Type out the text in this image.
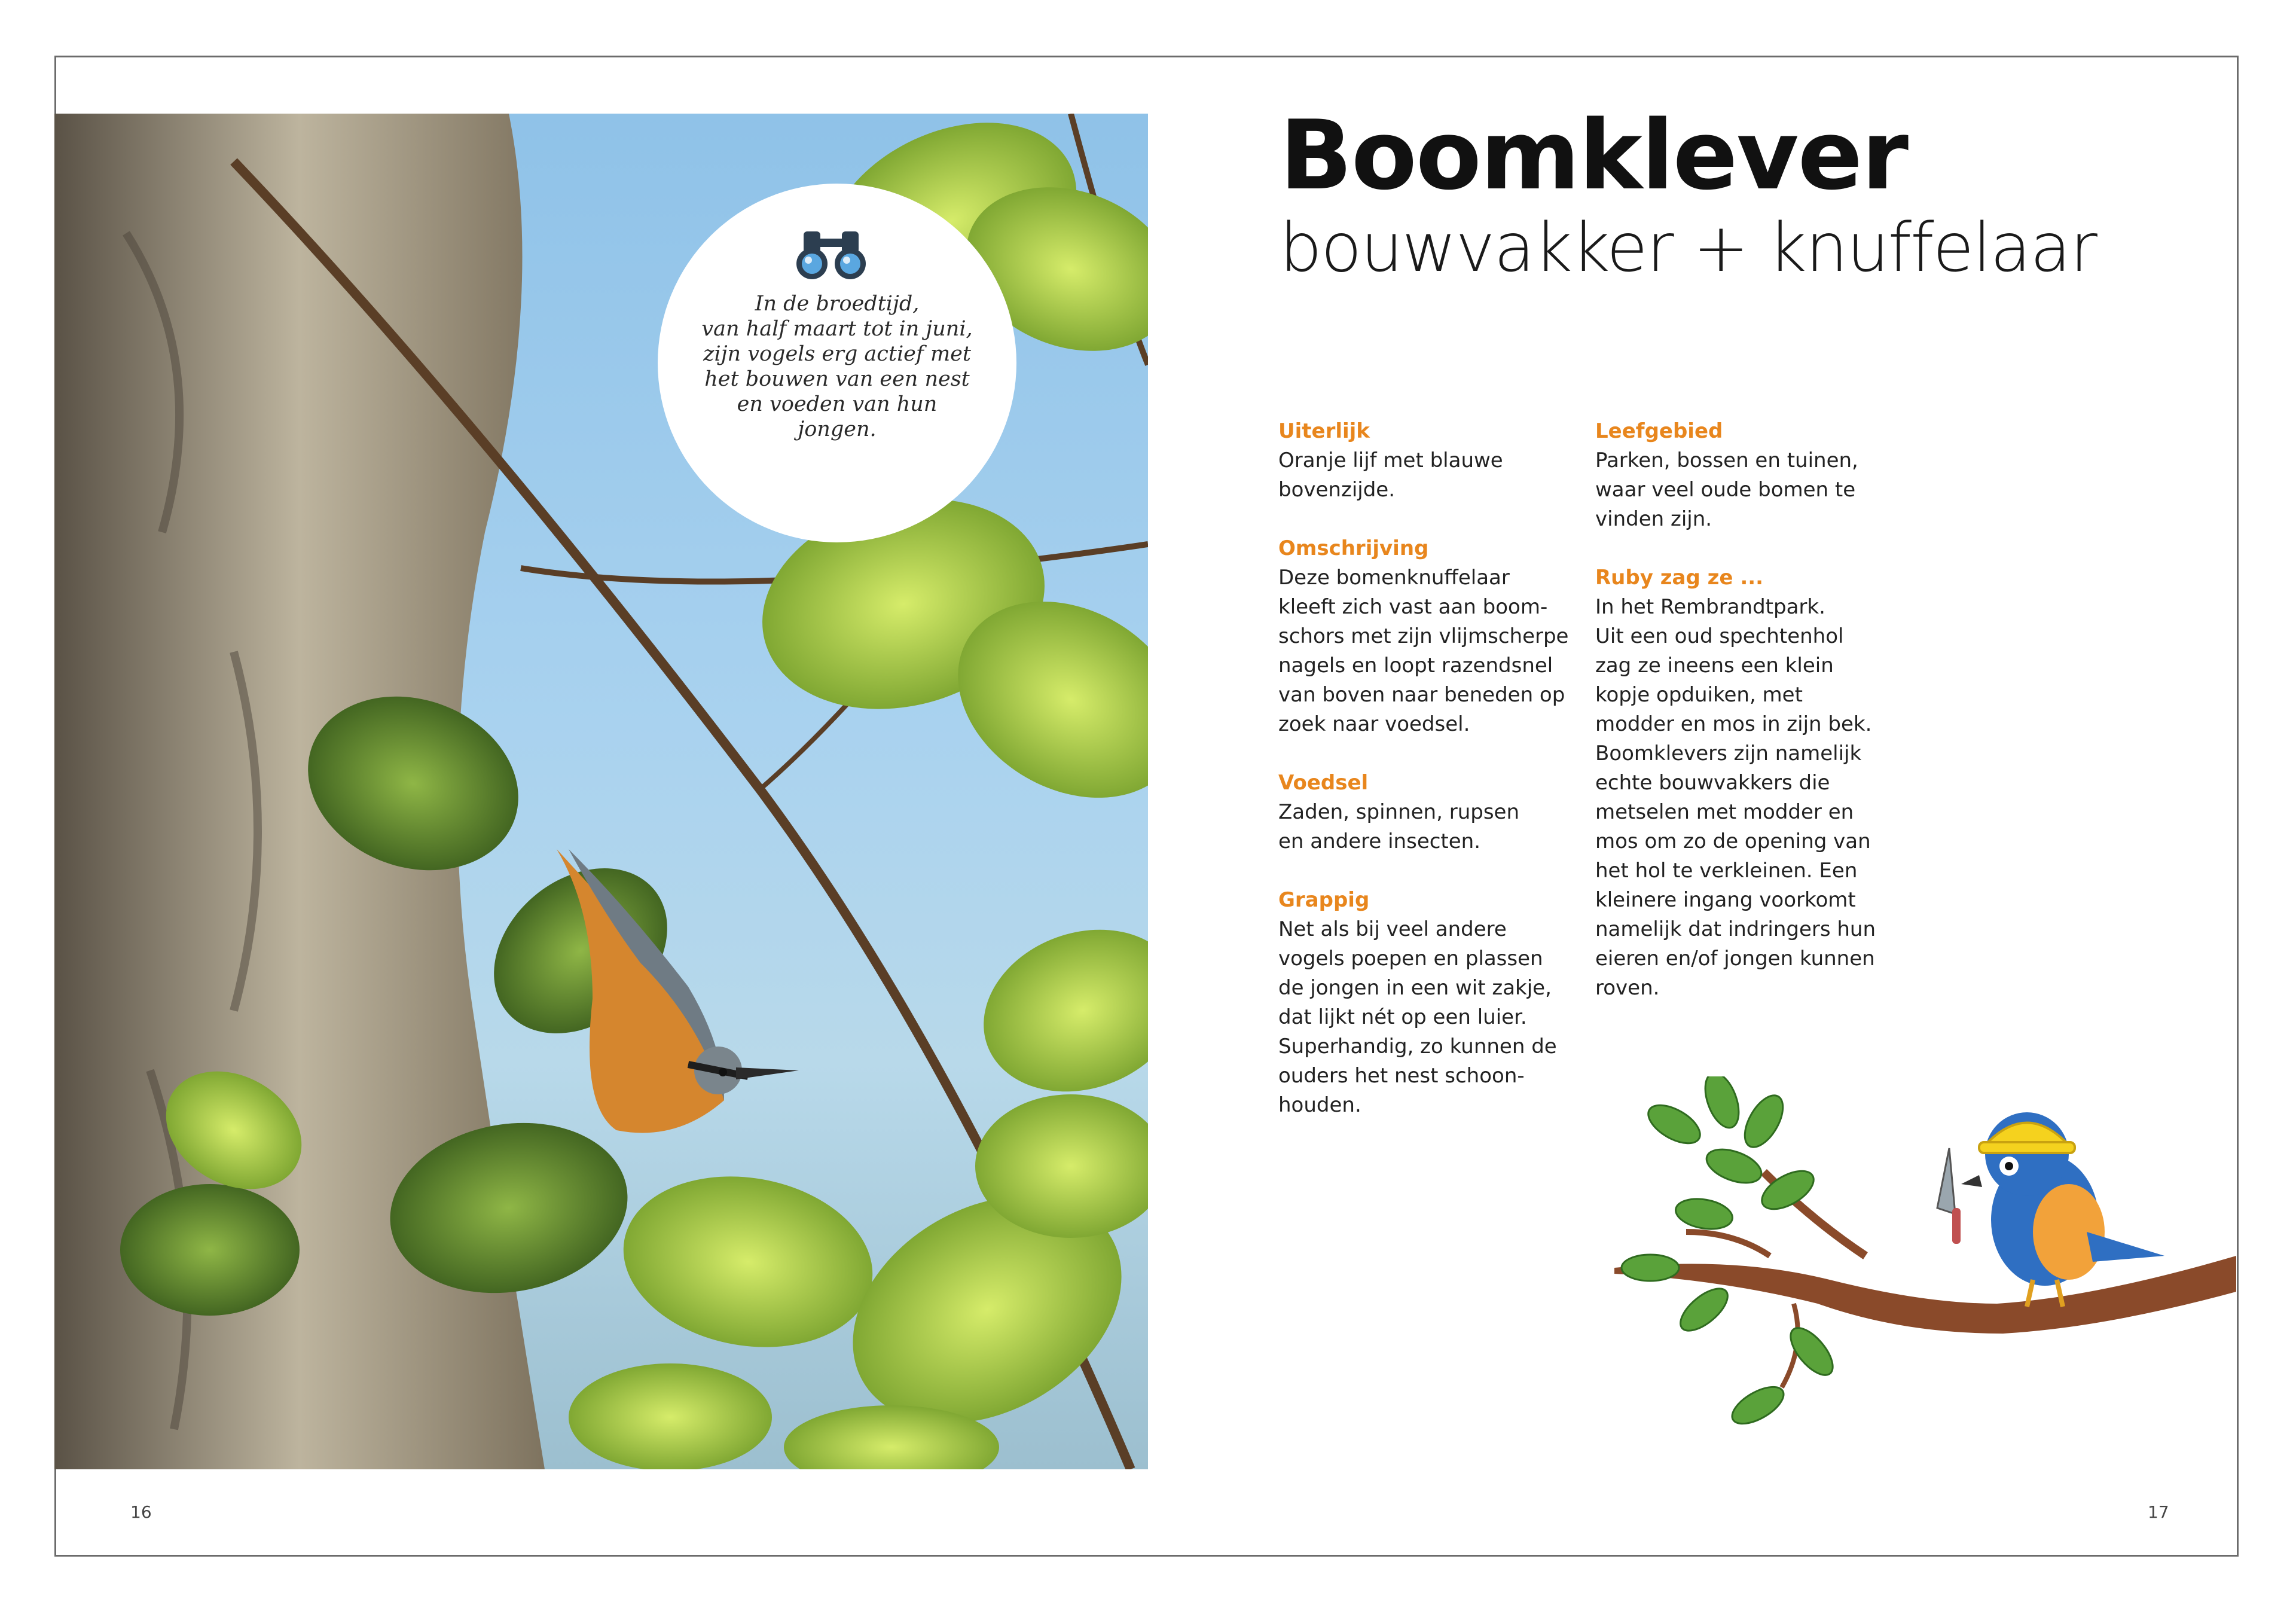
In de broedtijd,
van half maart tot in juni,
zijn vogels erg actief met
het bouwen van een nest
en voeden van hun
jongen.
Boomklever
bouwvakker + knuffelaar
Uiterlijk
Oranje lijf met blauwe
bovenzijde.
Omschrijving
Deze bomenknuffelaar
kleeft zich vast aan boom-
schors met zijn vlijmscherpe
nagels en loopt razendsnel
van boven naar beneden op
zoek naar voedsel.
Voedsel
Zaden, spinnen, rupsen
en andere insecten.
Grappig
Net als bij veel andere
vogels poepen en plassen
de jongen in een wit zakje,
dat lijkt nét op een luier.
Superhandig, zo kunnen de
ouders het nest schoon-
houden.
Leefgebied
Parken, bossen en tuinen,
waar veel oude bomen te
vinden zijn.
Ruby zag ze ...
In het Rembrandtpark.
Uit een oud spechtenhol
zag ze ineens een klein
kopje opduiken, met
modder en mos in zijn bek.
Boomklevers zijn namelijk
echte bouwvakkers die
metselen met modder en
mos om zo de opening van
het hol te verkleinen. Een
kleinere ingang voorkomt
namelijk dat indringers hun
eieren en/of jongen kunnen
roven.
16	17
